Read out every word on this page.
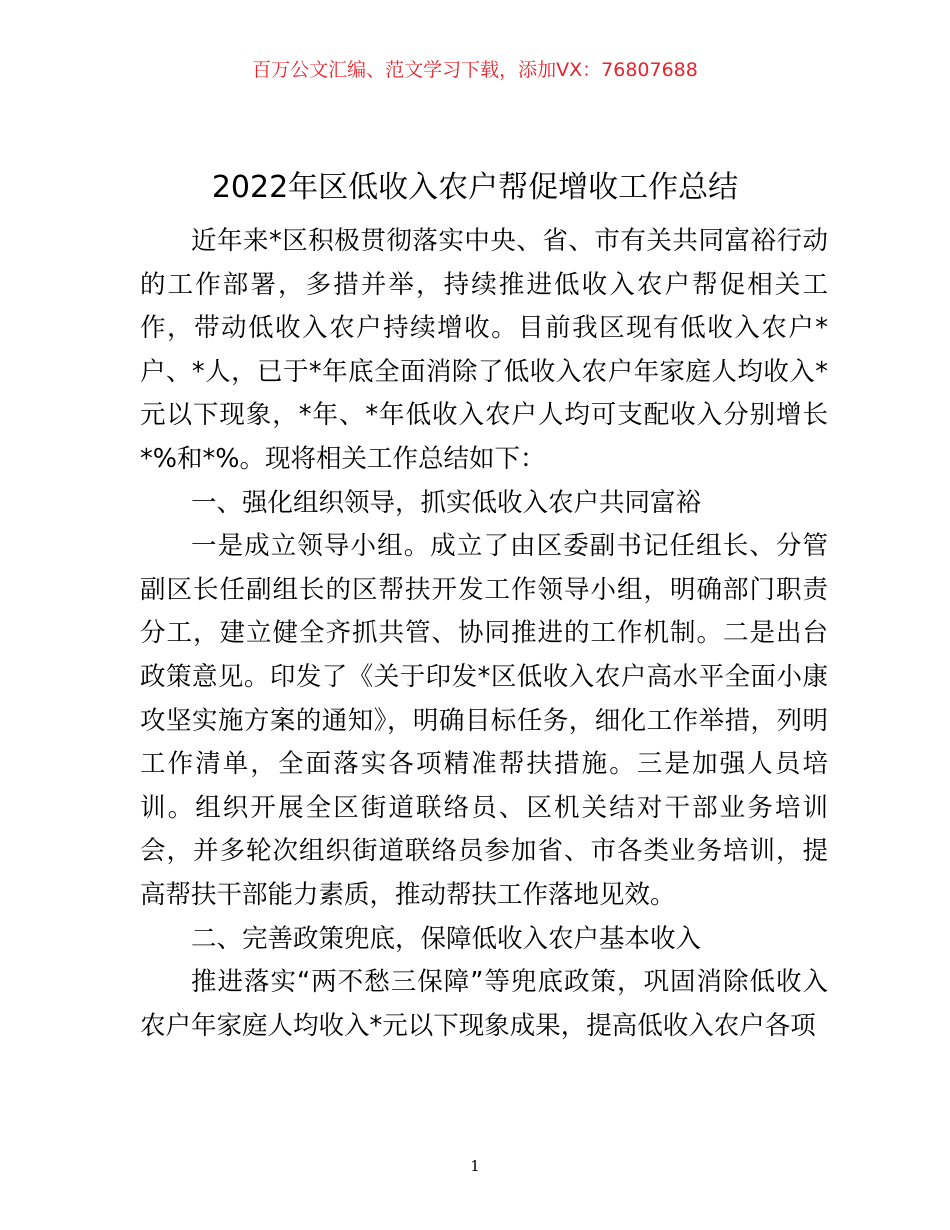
百万公文汇编、范文学习下载，添加VX：76807688
2022年区低收入农户帮促增收工作总结

近年来*区积极贯彻落实中央、省、市有关共同富裕行动的工作部署，多措并举，持续推进低收入农户帮促相关工作，带动低收入农户持续增收。目前我区现有低收入农户*户、*人，已于*年底全面消除了低收入农户年家庭人均收入*元以下现象，*年、*年低收入农户人均可支配收入分别增长*%和*%。现将相关工作总结如下：

一、强化组织领导，抓实低收入农户共同富裕

一是成立领导小组。成立了由区委副书记任组长、分管副区长任副组长的区帮扶开发工作领导小组，明确部门职责分工，建立健全齐抓共管、协同推进的工作机制。二是出台政策意见。印发了《关于印发*区低收入农户高水平全面小康攻坚实施方案的通知》，明确目标任务，细化工作举措，列明工作清单，全面落实各项精准帮扶措施。三是加强人员培训。组织开展全区街道联络员、区机关结对干部业务培训会，并多轮次组织街道联络员参加省、市各类业务培训，提高帮扶干部能力素质，推动帮扶工作落地见效。

二、完善政策兜底，保障低收入农户基本收入

推进落实“两不愁三保障”等兜底政策，巩固消除低收入农户年家庭人均收入*元以下现象成果，提高低收入农户各项

1
